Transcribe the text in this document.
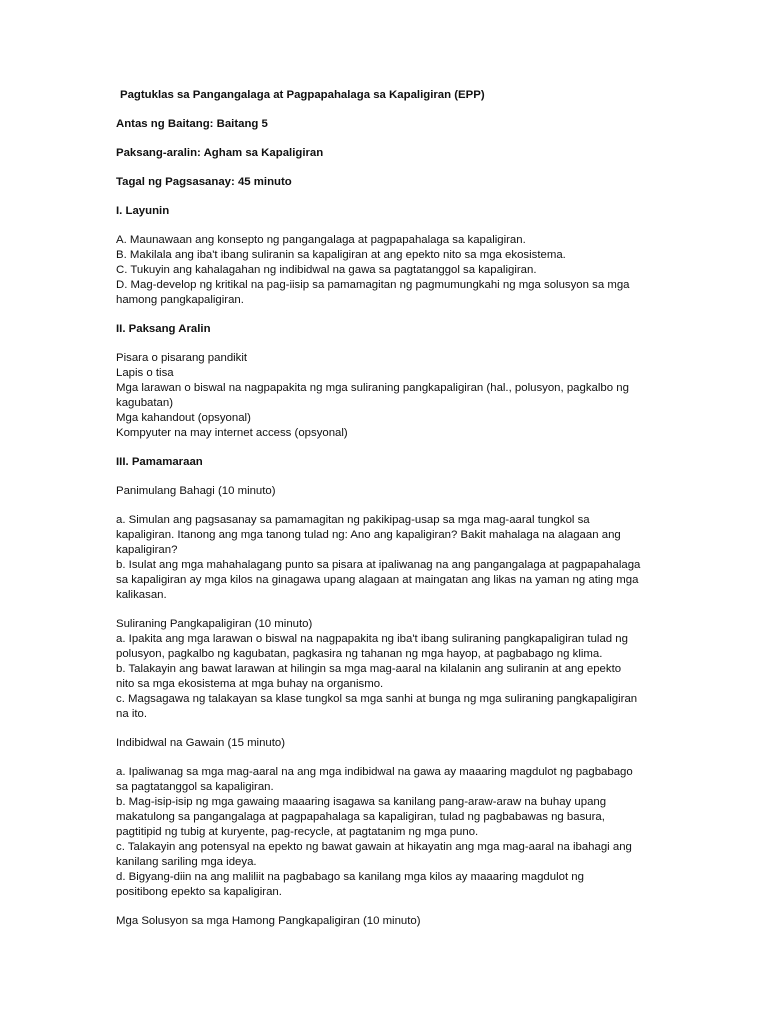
Pagtuklas sa Pangangalaga at Pagpapahalaga sa Kapaligiran (EPP)

Antas ng Baitang: Baitang 5

Paksang-aralin: Agham sa Kapaligiran

Tagal ng Pagsasanay: 45 minuto

I. Layunin

A. Maunawaan ang konsepto ng pangangalaga at pagpapahalaga sa kapaligiran.
B. Makilala ang iba't ibang suliranin sa kapaligiran at ang epekto nito sa mga ekosistema.
C. Tukuyin ang kahalagahan ng indibidwal na gawa sa pagtatanggol sa kapaligiran.
D. Mag-develop ng kritikal na pag-iisip sa pamamagitan ng pagmumungkahi ng mga solusyon sa mga
hamong pangkapaligiran.

II. Paksang Aralin

Pisara o pisarang pandikit
Lapis o tisa
Mga larawan o biswal na nagpapakita ng mga suliraning pangkapaligiran (hal., polusyon, pagkalbo ng
kagubatan)
Mga kahandout (opsyonal)
Kompyuter na may internet access (opsyonal)

III. Pamamaraan

Panimulang Bahagi (10 minuto)

a. Simulan ang pagsasanay sa pamamagitan ng pakikipag-usap sa mga mag-aaral tungkol sa
kapaligiran. Itanong ang mga tanong tulad ng: Ano ang kapaligiran? Bakit mahalaga na alagaan ang
kapaligiran?
b. Isulat ang mga mahahalagang punto sa pisara at ipaliwanag na ang pangangalaga at pagpapahalaga
sa kapaligiran ay mga kilos na ginagawa upang alagaan at maingatan ang likas na yaman ng ating mga
kalikasan.
Suliraning Pangkapaligiran (10 minuto)
a. Ipakita ang mga larawan o biswal na nagpapakita ng iba't ibang suliraning pangkapaligiran tulad ng
polusyon, pagkalbo ng kagubatan, pagkasira ng tahanan ng mga hayop, at pagbabago ng klima.
b. Talakayin ang bawat larawan at hilingin sa mga mag-aaral na kilalanin ang suliranin at ang epekto
nito sa mga ekosistema at mga buhay na organismo.
c. Magsagawa ng talakayan sa klase tungkol sa mga sanhi at bunga ng mga suliraning pangkapaligiran
na ito.

Indibidwal na Gawain (15 minuto)

a. Ipaliwanag sa mga mag-aaral na ang mga indibidwal na gawa ay maaaring magdulot ng pagbabago
sa pagtatanggol sa kapaligiran.
b. Mag-isip-isip ng mga gawaing maaaring isagawa sa kanilang pang-araw-araw na buhay upang
makatulong sa pangangalaga at pagpapahalaga sa kapaligiran, tulad ng pagbabawas ng basura,
pagtitipid ng tubig at kuryente, pag-recycle, at pagtatanim ng mga puno.
c. Talakayin ang potensyal na epekto ng bawat gawain at hikayatin ang mga mag-aaral na ibahagi ang
kanilang sariling mga ideya.
d. Bigyang-diin na ang maliliit na pagbabago sa kanilang mga kilos ay maaaring magdulot ng
positibong epekto sa kapaligiran.

Mga Solusyon sa mga Hamong Pangkapaligiran (10 minuto)
